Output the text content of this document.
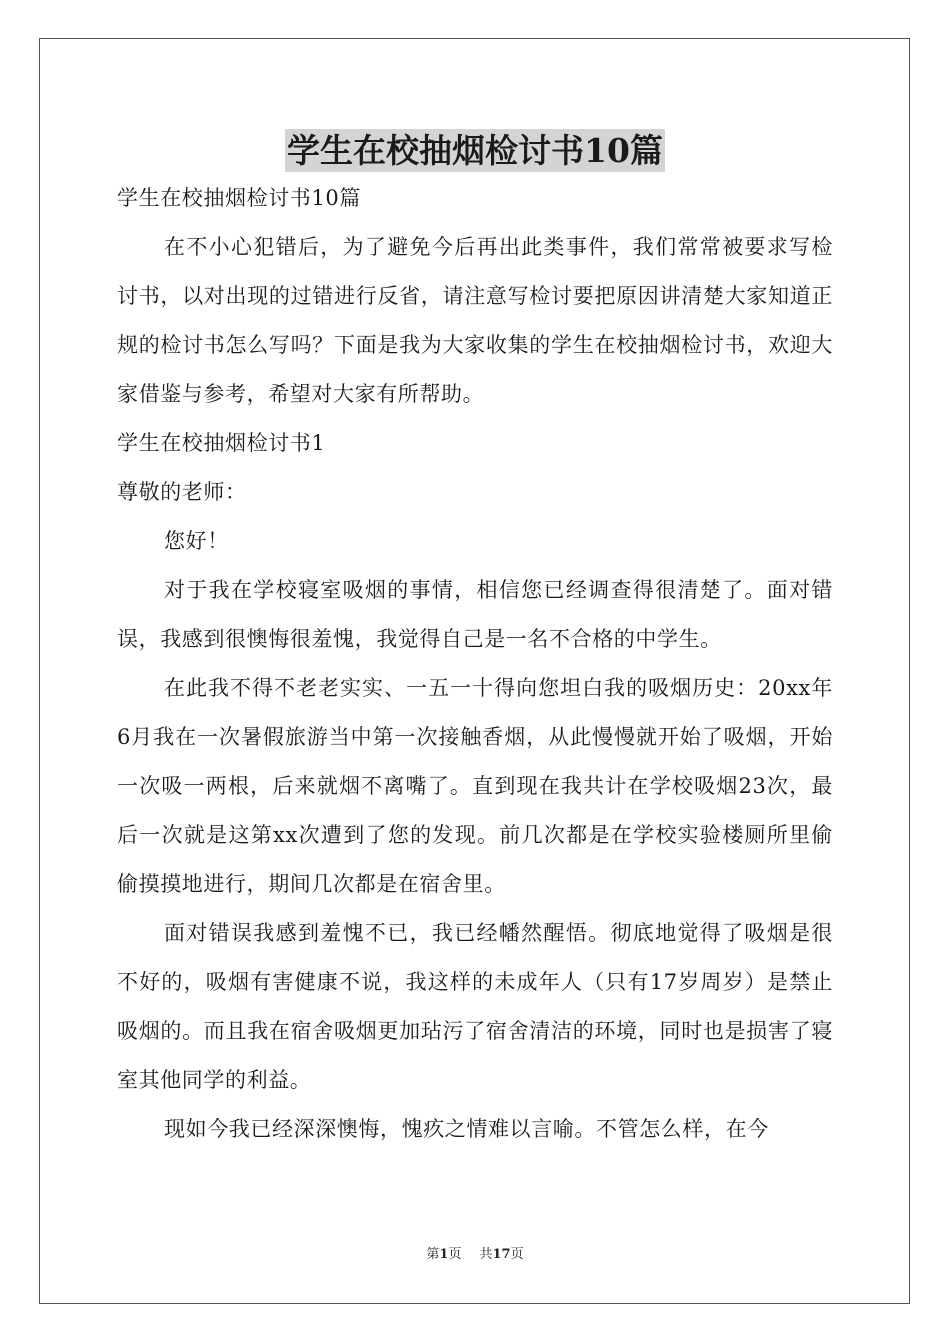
学生在校抽烟检讨书10篇

学生在校抽烟检讨书10篇

在不小心犯错后，为了避免今后再出此类事件，我们常常被要求写检讨书，以对出现的过错进行反省，请注意写检讨要把原因讲清楚大家知道正规的检讨书怎么写吗？下面是我为大家收集的学生在校抽烟检讨书，欢迎大家借鉴与参考，希望对大家有所帮助。

学生在校抽烟检讨书1

尊敬的老师：

您好！

对于我在学校寝室吸烟的事情，相信您已经调查得很清楚了。面对错误，我感到很懊悔很羞愧，我觉得自己是一名不合格的中学生。

在此我不得不老老实实、一五一十得向您坦白我的吸烟历史：20xx年6月我在一次暑假旅游当中第一次接触香烟，从此慢慢就开始了吸烟，开始一次吸一两根，后来就烟不离嘴了。直到现在我共计在学校吸烟23次，最后一次就是这第xx次遭到了您的发现。前几次都是在学校实验楼厕所里偷偷摸摸地进行，期间几次都是在宿舍里。

面对错误我感到羞愧不已，我已经幡然醒悟。彻底地觉得了吸烟是很不好的，吸烟有害健康不说，我这样的未成年人（只有17岁周岁）是禁止吸烟的。而且我在宿舍吸烟更加玷污了宿舍清洁的环境，同时也是损害了寝室其他同学的利益。

现如今我已经深深懊悔，愧疚之情难以言喻。不管怎么样，在今

第1页 共17页
